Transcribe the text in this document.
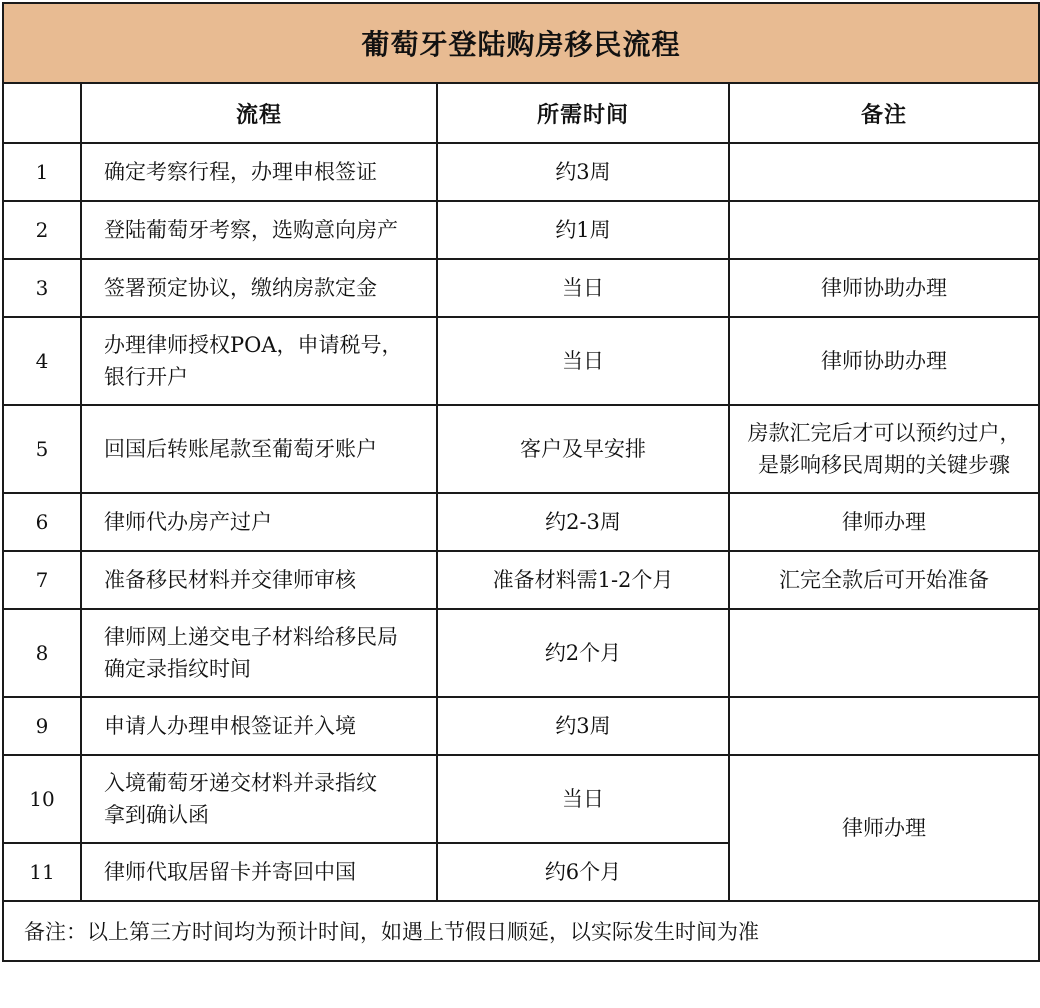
葡萄牙登陆购房移民流程			
	流程	所需时间	备注
1	确定考察行程，办理申根签证	约3周	
2	登陆葡萄牙考察，选购意向房产	约1周	
3	签署预定协议，缴纳房款定金	当日	律师协助办理

4	办理律师授权POA，申请税号，
银行开户	当日	律师协助办理

5	回国后转账尾款至葡萄牙账户	客户及早安排	房款汇完后才可以预约过户，
是影响移民周期的关键步骤

6	律师代办房产过户	约2-3周	律师办理

7	准备移民材料并交律师审核	准备材料需1-2个月	汇完全款后可开始准备

8	律师网上递交电子材料给移民局
确定录指纹时间	约2个月	
9	申请人办理申根签证并入境	约3周	
10	入境葡萄牙递交材料并录指纹
拿到确认函	当日	律师办理

11	律师代取居留卡并寄回中国	约6个月	
备注：以上第三方时间均为预计时间，如遇上节假日顺延，以实际发生时间为准			
